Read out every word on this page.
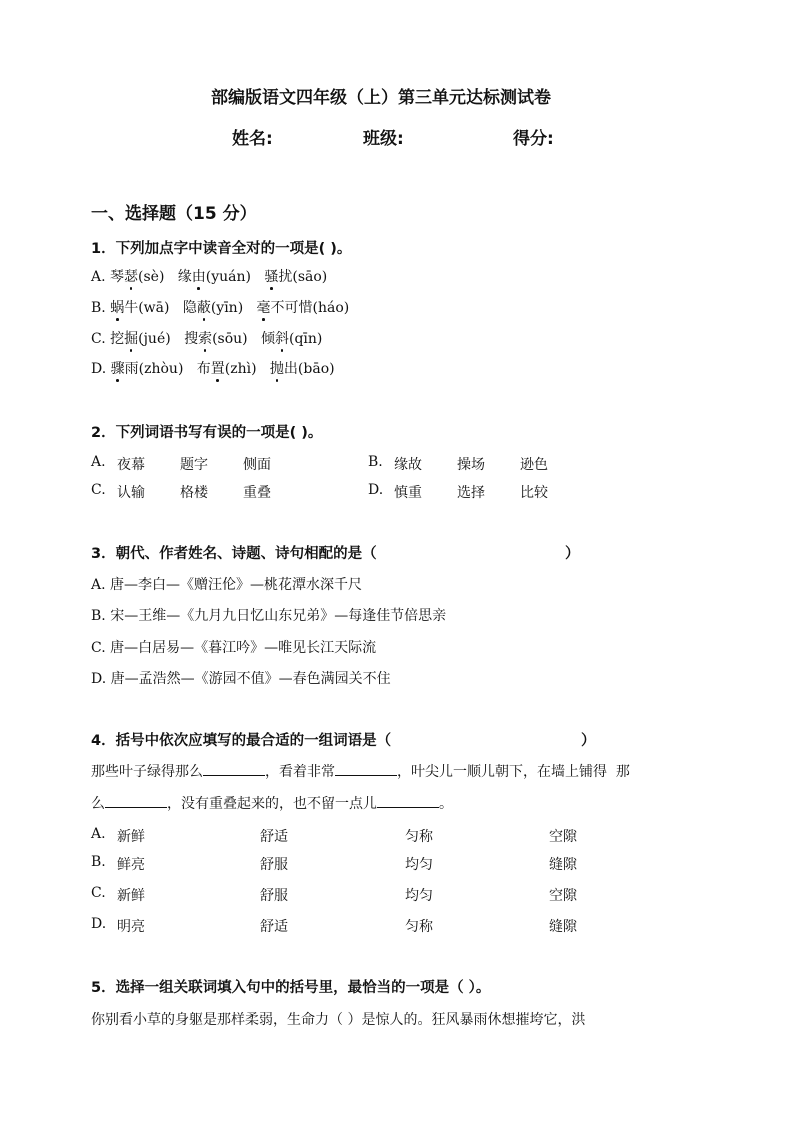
部编版语文四年级（上）第三单元达标测试卷
姓名:	班级:	得分:
一、选择题（15 分）
1．下列加点字中读音全对的一项是( )。
A. 琴瑟(sè) 缘由(yuán) 骚扰(sāo)
B. 蜗牛(wā) 隐蔽(yīn) 毫不可惜(háo)
C. 挖掘(jué) 搜索(sōu) 倾斜(qīn)
D. 骤雨(zhòu) 布置(zhì) 抛出(bāo)
2．下列词语书写有误的一项是( )。
A. 夜幕	题字	侧面	B. 缘故	操场	逊色
C. 认输	格楼	重叠	D. 慎重	选择	比较
3．朝代、作者姓名、诗题、诗句相配的是（	）
A. 唐—李白—《赠汪伦》—桃花潭水深千尺
B. 宋—王维—《九月九日忆山东兄弟》—每逢佳节倍思亲
C. 唐—白居易—《暮江吟》—唯见长江天际流
D. 唐—孟浩然—《游园不值》—春色满园关不住
4．括号中依次应填写的最合适的一组词语是（	）
那些叶子绿得那么	，看着非常	，叶尖儿一顺儿朝下，在墙上铺得 那
么	，没有重叠起来的，也不留一点儿	。
A. 新鲜	舒适	匀称	空隙
B. 鲜亮	舒服	均匀	缝隙
C. 新鲜	舒服	均匀	空隙
D. 明亮	舒适	匀称	缝隙
5．选择一组关联词填入句中的括号里，最恰当的一项是（ ）。
你别看小草的身躯是那样柔弱，生命力（ ）是惊人的。狂风暴雨休想摧垮它，洪
